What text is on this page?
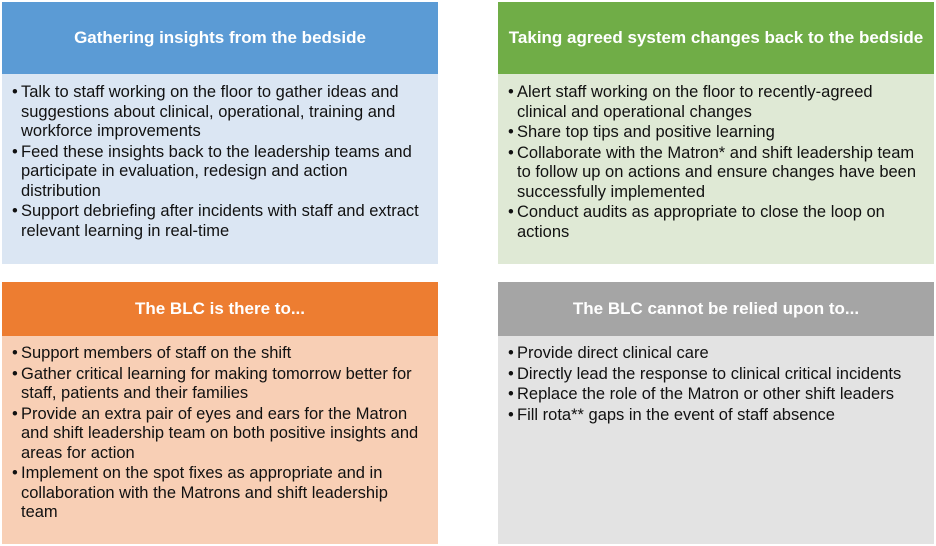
Gathering insights from the bedside
• Talk to staff working on the floor to gather ideas and suggestions about clinical, operational, training and workforce improvements
• Feed these insights back to the leadership teams and participate in evaluation, redesign and action distribution
• Support debriefing after incidents with staff and extract relevant learning in real-time
Taking agreed system changes back to the bedside
• Alert staff working on the floor to recently-agreed clinical and operational changes
• Share top tips and positive learning
• Collaborate with the Matron* and shift leadership team to follow up on actions and ensure changes have been successfully implemented
• Conduct audits as appropriate to close the loop on actions
The BLC is there to...
• Support members of staff on the shift
• Gather critical learning for making tomorrow better for staff, patients and their families
• Provide an extra pair of eyes and ears for the Matron and shift leadership team on both positive insights and areas for action
• Implement on the spot fixes as appropriate and in collaboration with the Matrons and shift leadership team
The BLC cannot be relied upon to...
• Provide direct clinical care
• Directly lead the response to clinical critical incidents
• Replace the role of the Matron or other shift leaders
• Fill rota** gaps in the event of staff absence
